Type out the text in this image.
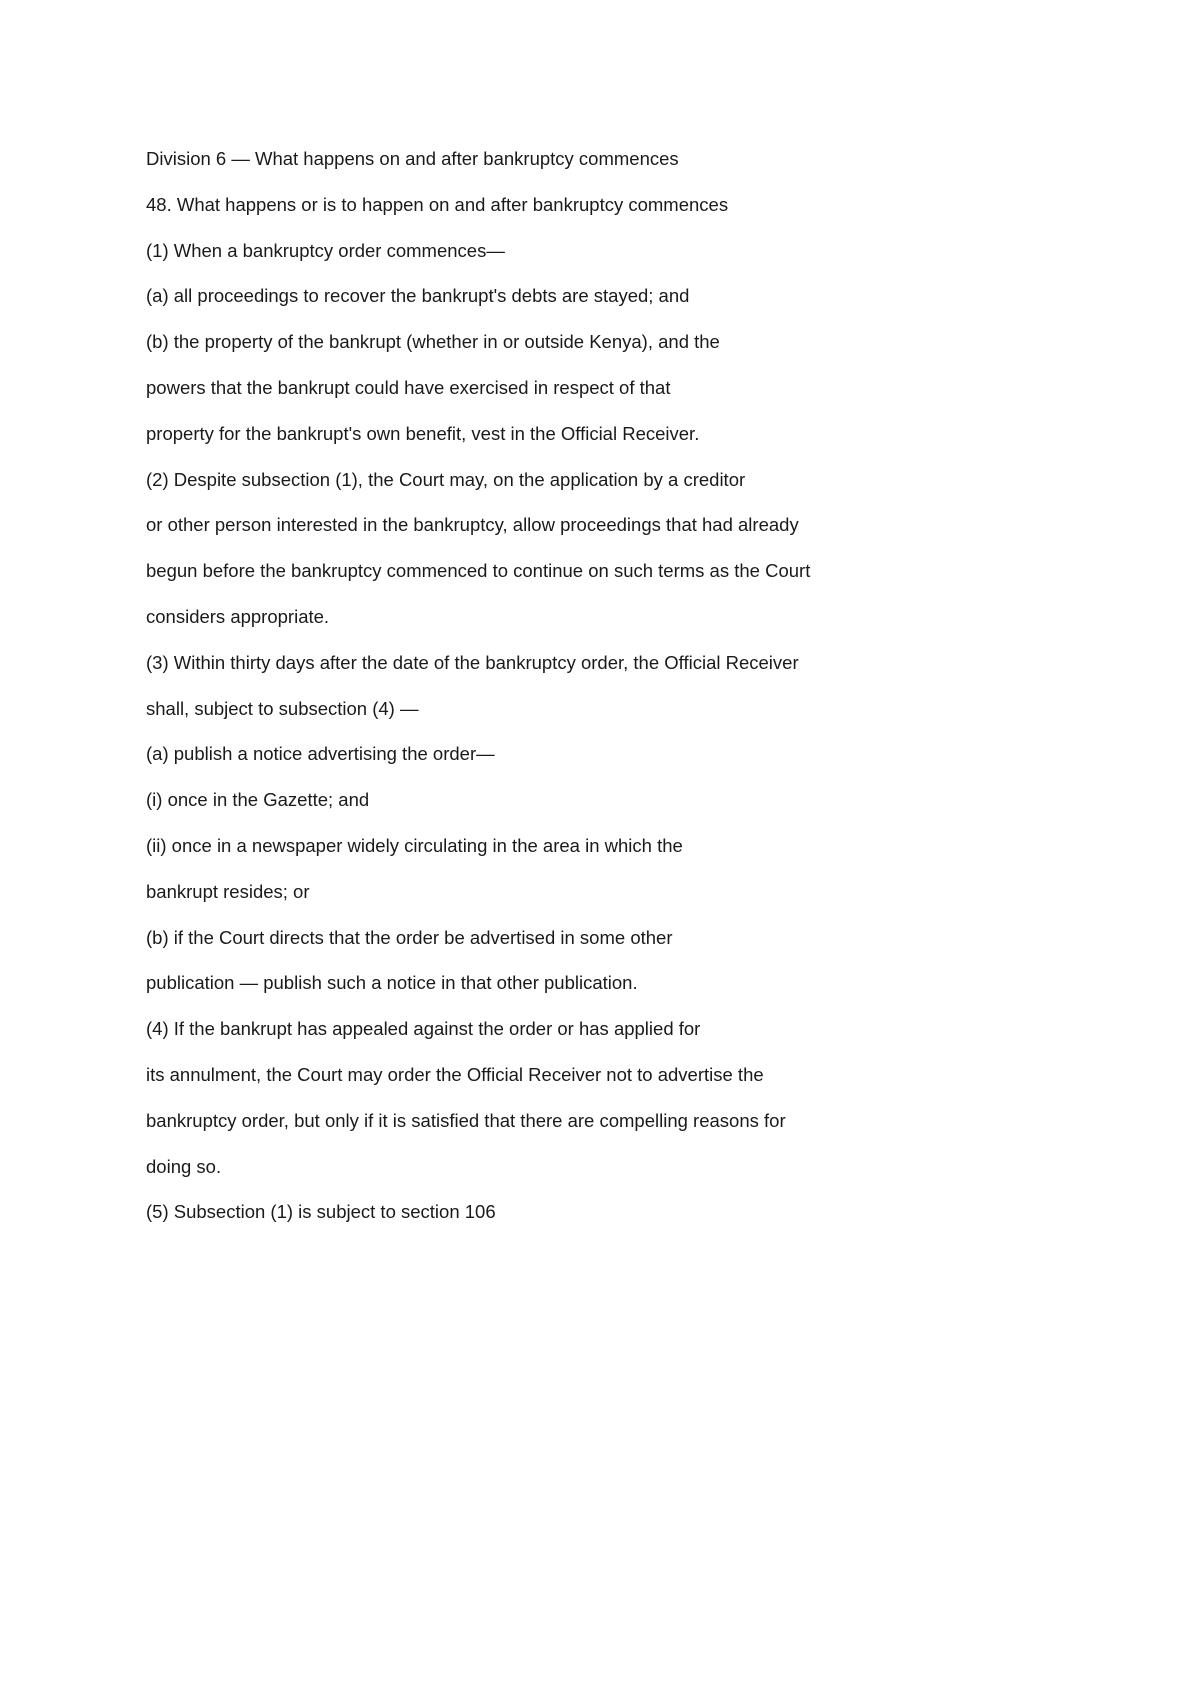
Division 6 — What happens on and after bankruptcy commences
48. What happens or is to happen on and after bankruptcy commences
(1) When a bankruptcy order commences—
(a) all proceedings to recover the bankrupt's debts are stayed; and
(b) the property of the bankrupt (whether in or outside Kenya), and the
powers that the bankrupt could have exercised in respect of that
property for the bankrupt's own benefit, vest in the Official Receiver.
(2) Despite subsection (1), the Court may, on the application by a creditor
or other person interested in the bankruptcy, allow proceedings that had already
begun before the bankruptcy commenced to continue on such terms as the Court
considers appropriate.
(3) Within thirty days after the date of the bankruptcy order, the Official Receiver
shall, subject to subsection (4) —
(a) publish a notice advertising the order—
(i) once in the Gazette; and
(ii) once in a newspaper widely circulating in the area in which the
bankrupt resides; or
(b) if the Court directs that the order be advertised in some other
publication — publish such a notice in that other publication.
(4) If the bankrupt has appealed against the order or has applied for
its annulment, the Court may order the Official Receiver not to advertise the
bankruptcy order, but only if it is satisfied that there are compelling reasons for
doing so.
(5) Subsection (1) is subject to section 106
